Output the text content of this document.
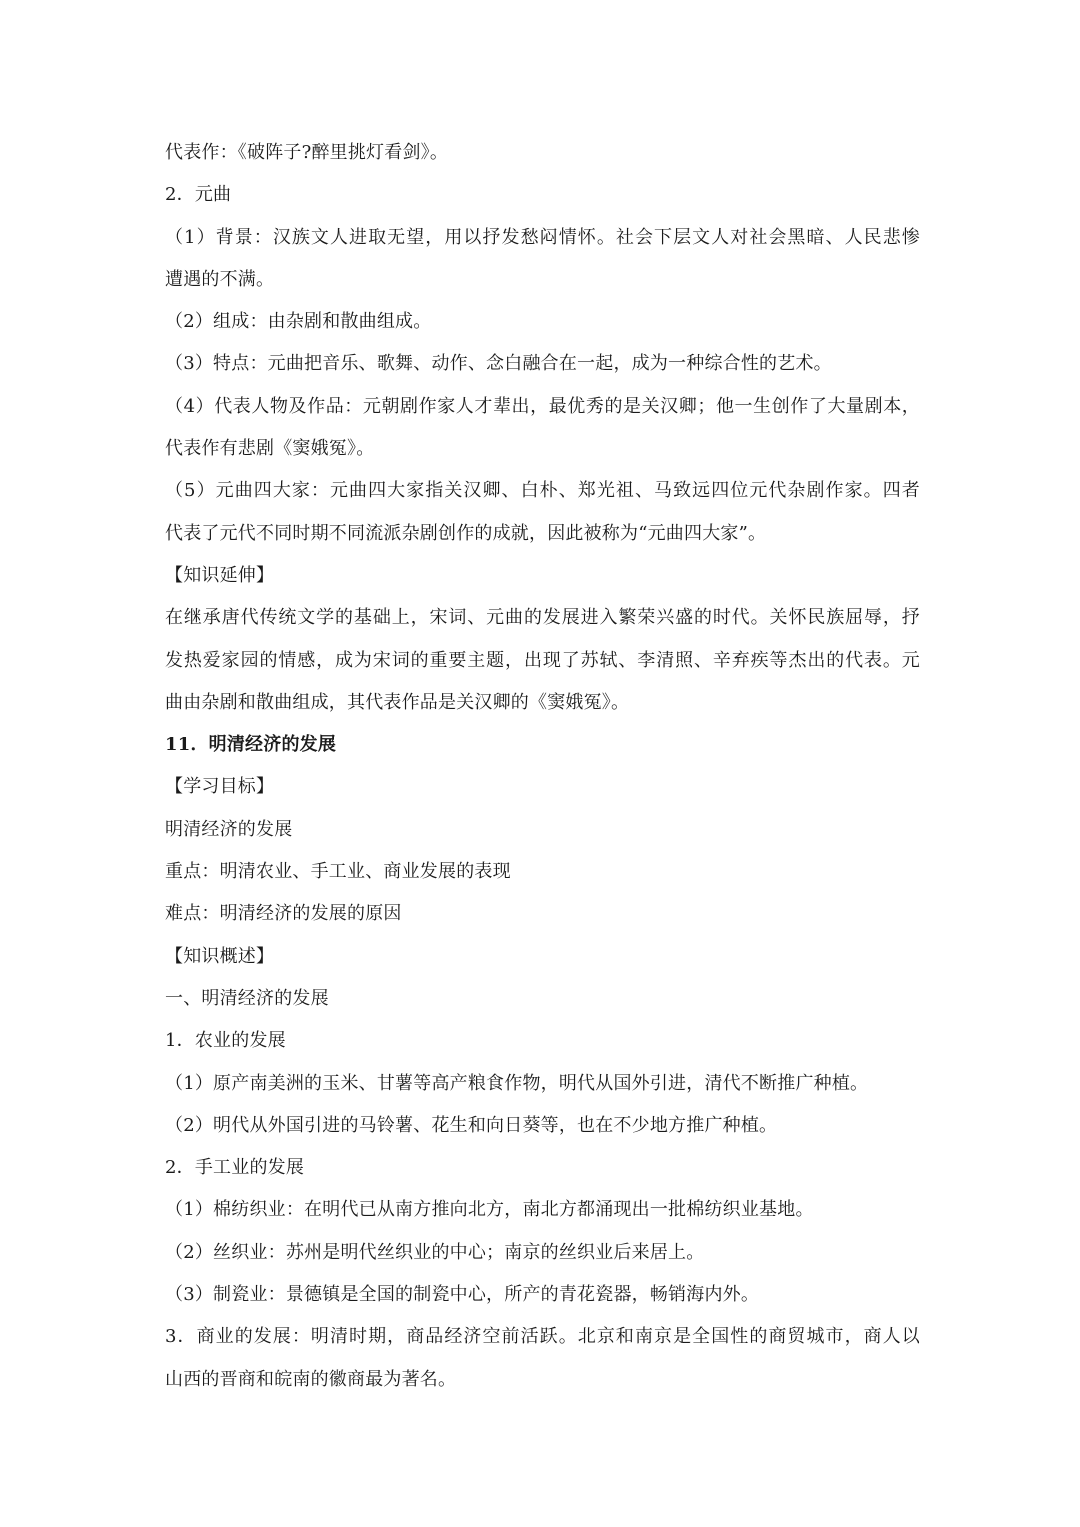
代表作：《破阵子?醉里挑灯看剑》。
2．元曲
（1）背景：汉族文人进取无望，用以抒发愁闷情怀。社会下层文人对社会黑暗、人民悲惨
遭遇的不满。
（2）组成：由杂剧和散曲组成。
（3）特点：元曲把音乐、歌舞、动作、念白融合在一起，成为一种综合性的艺术。
（4）代表人物及作品：元朝剧作家人才辈出，最优秀的是关汉卿；他一生创作了大量剧本，
代表作有悲剧《窦娥冤》。
（5）元曲四大家：元曲四大家指关汉卿、白朴、郑光祖、马致远四位元代杂剧作家。四者
代表了元代不同时期不同流派杂剧创作的成就，因此被称为“元曲四大家”。
【知识延伸】
在继承唐代传统文学的基础上，宋词、元曲的发展进入繁荣兴盛的时代。关怀民族屈辱，抒
发热爱家园的情感，成为宋词的重要主题，出现了苏轼、李清照、辛弃疾等杰出的代表。元
曲由杂剧和散曲组成，其代表作品是关汉卿的《窦娥冤》。
11．明清经济的发展
【学习目标】
明清经济的发展
重点：明清农业、手工业、商业发展的表现
难点：明清经济的发展的原因
【知识概述】
一、明清经济的发展
1．农业的发展
（1）原产南美洲的玉米、甘薯等高产粮食作物，明代从国外引进，清代不断推广种植。
（2）明代从外国引进的马铃薯、花生和向日葵等，也在不少地方推广种植。
2．手工业的发展
（1）棉纺织业：在明代已从南方推向北方，南北方都涌现出一批棉纺织业基地。
（2）丝织业：苏州是明代丝织业的中心；南京的丝织业后来居上。
（3）制瓷业：景德镇是全国的制瓷中心，所产的青花瓷器，畅销海内外。
3．商业的发展：明清时期，商品经济空前活跃。北京和南京是全国性的商贸城市，商人以
山西的晋商和皖南的徽商最为著名。
